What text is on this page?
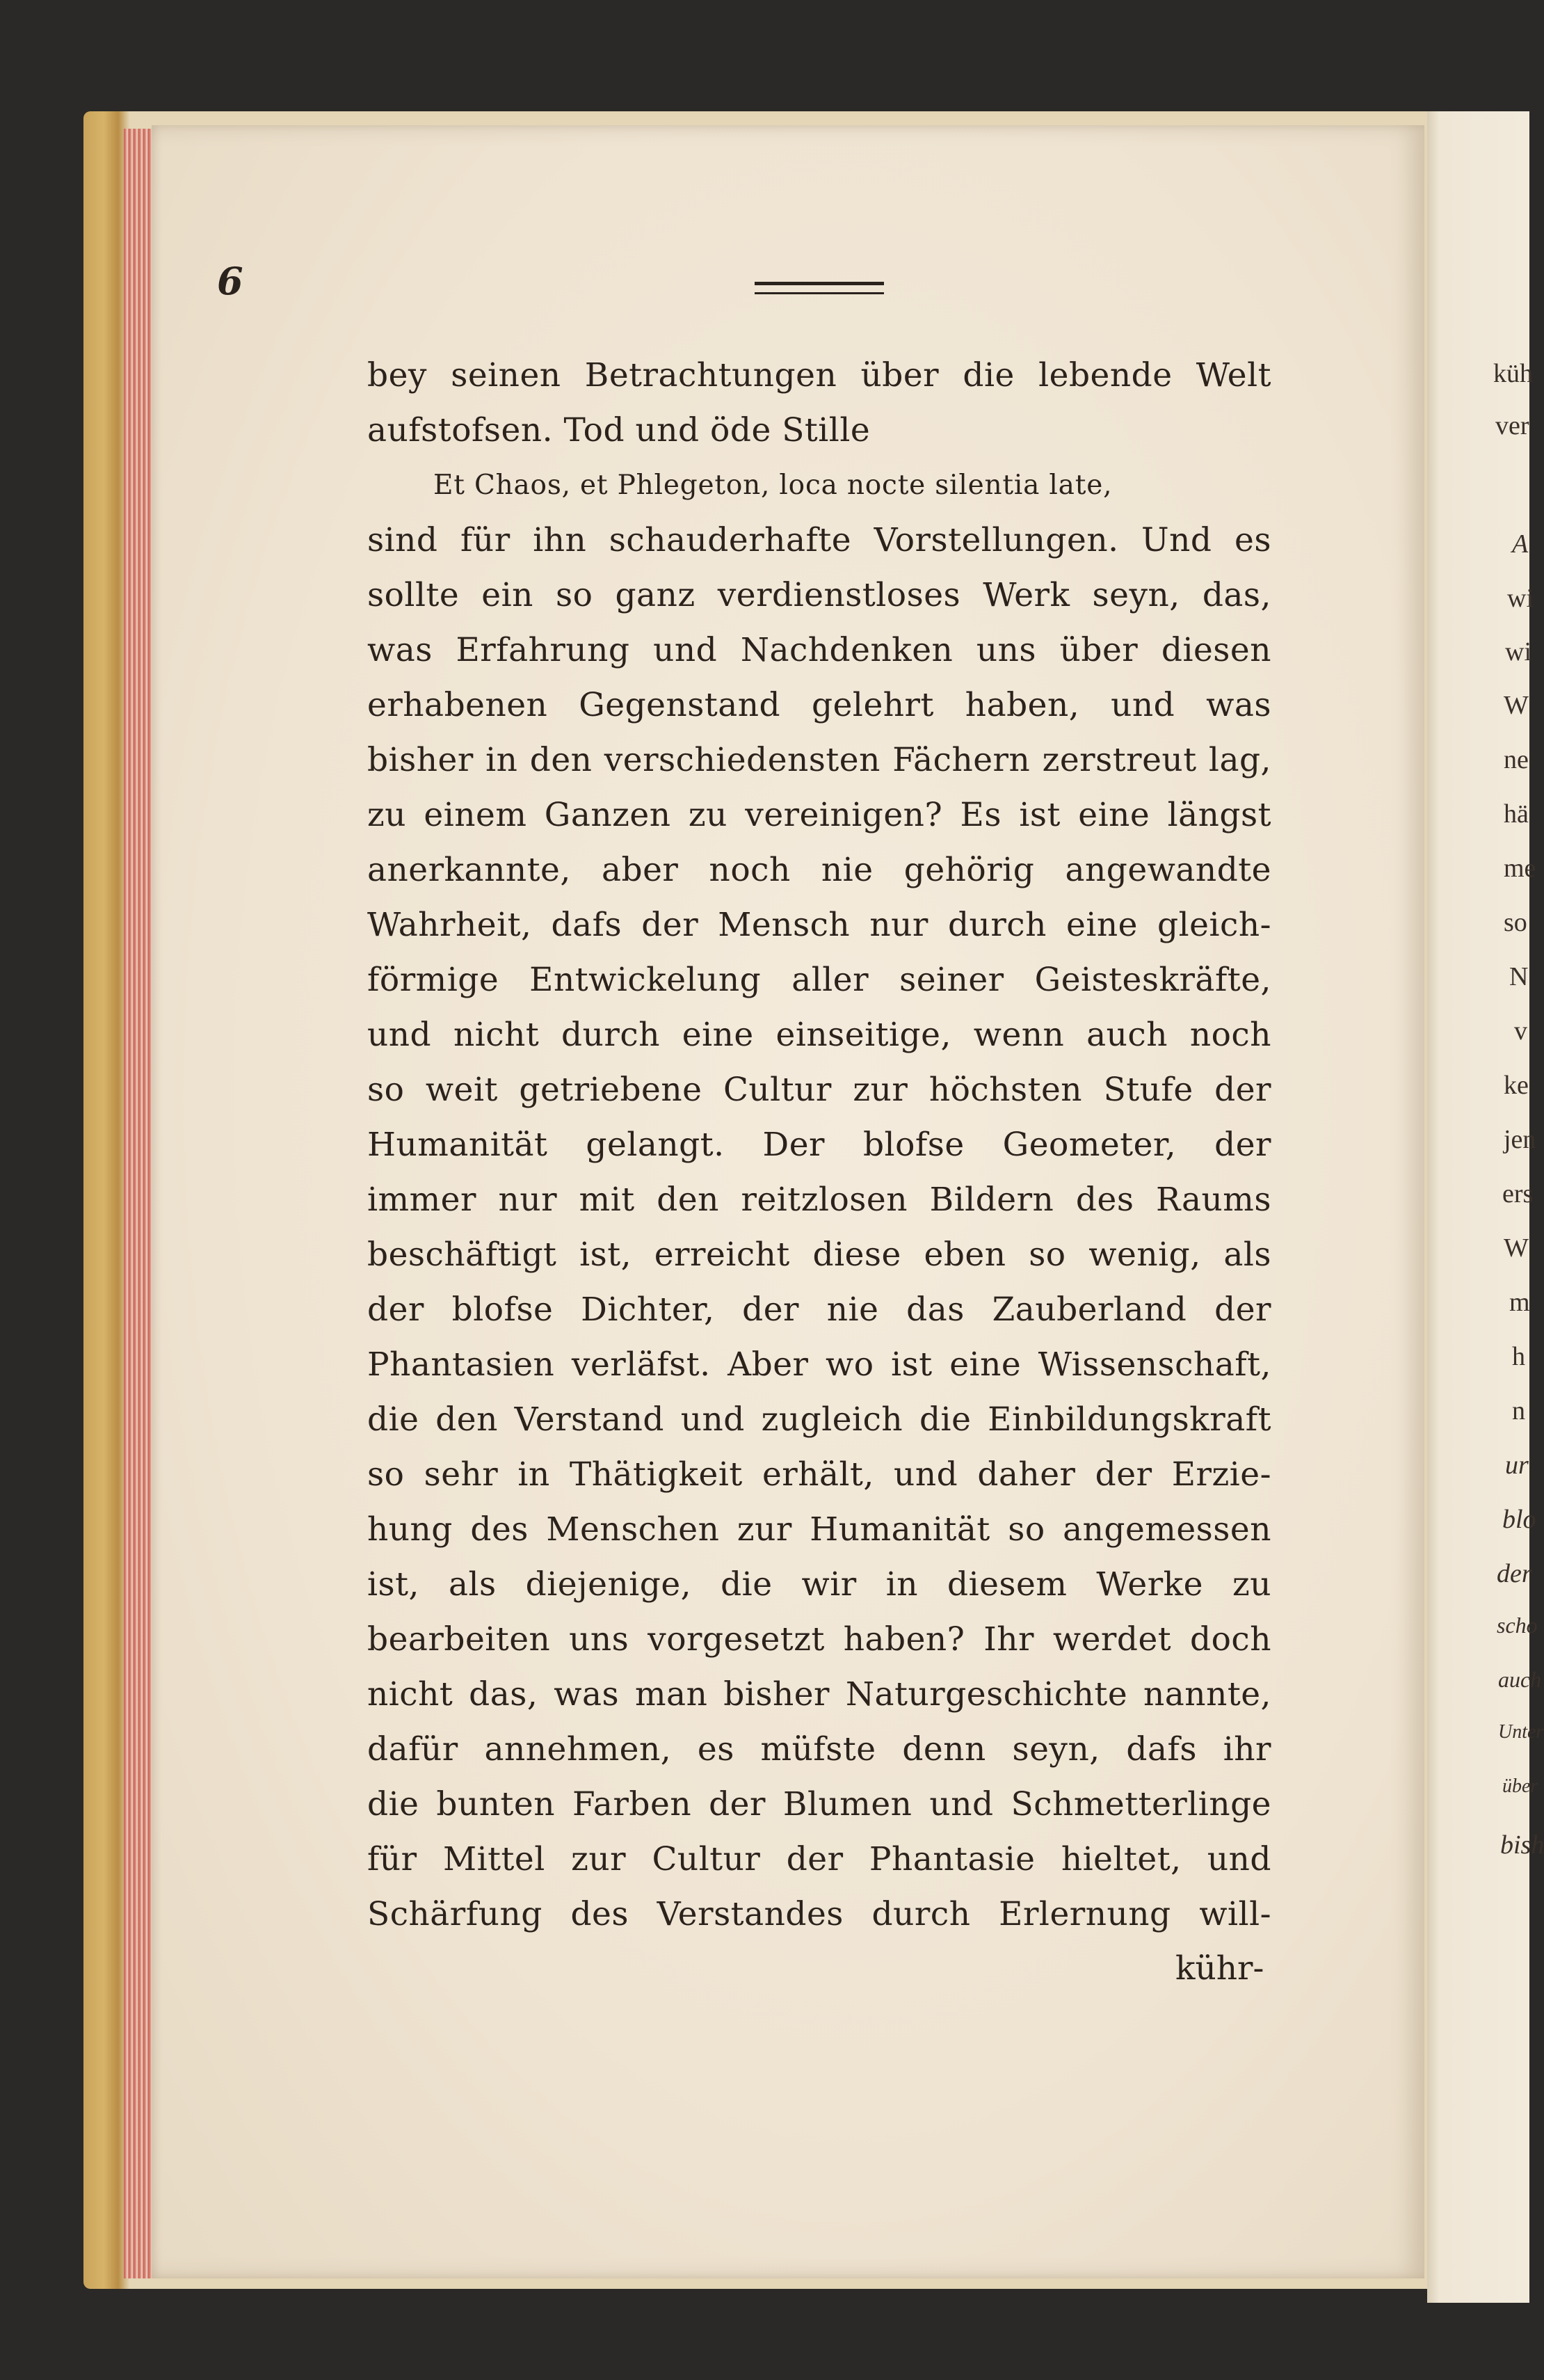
6
bey seinen Betrachtungen über die lebende Welt
aufstofsen. Tod und öde Stille
Et Chaos, et Phlegeton, loca nocte silentia late,
sind für ihn schauderhafte Vorstellungen. Und es
sollte ein so ganz verdienstloses Werk seyn, das,
was Erfahrung und Nachdenken uns über diesen
erhabenen Gegenstand gelehrt haben, und was
bisher in den verschiedensten Fächern zerstreut lag,
zu einem Ganzen zu vereinigen? Es ist eine längst
anerkannte, aber noch nie gehörig angewandte
Wahrheit, dafs der Mensch nur durch eine gleich-
förmige Entwickelung aller seiner Geisteskräfte,
und nicht durch eine einseitige, wenn auch noch
so weit getriebene Cultur zur höchsten Stufe der
Humanität gelangt. Der blofse Geometer, der
immer nur mit den reitzlosen Bildern des Raums
beschäftigt ist, erreicht diese eben so wenig, als
der blofse Dichter, der nie das Zauberland der
Phantasien verläfst. Aber wo ist eine Wissenschaft,
die den Verstand und zugleich die Einbildungskraft
so sehr in Thätigkeit erhält, und daher der Erzie-
hung des Menschen zur Humanität so angemessen
ist, als diejenige, die wir in diesem Werke zu
bearbeiten uns vorgesetzt haben? Ihr werdet doch
nicht das, was man bisher Naturgeschichte nannte,
dafür annehmen, es müfste denn seyn, dafs ihr
die bunten Farben der Blumen und Schmetterlinge
für Mittel zur Cultur der Phantasie hieltet, und
Schärfung des Verstandes durch Erlernung will-
kühr-
küh
ver
A
wi
wi
W
ne
hä
me
so
N
v
ke
jen
ers
W
m
h
n
ur
blo
der
scho
auch
Unter
über
bish
